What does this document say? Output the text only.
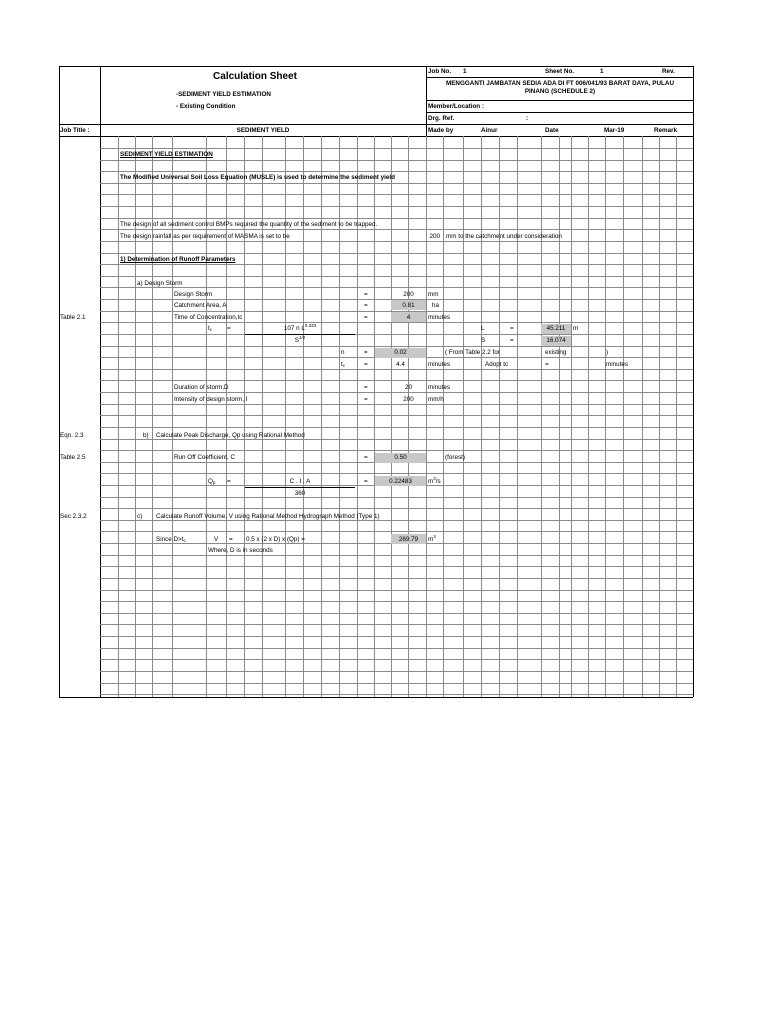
Calculation Sheet
-SEDIMENT YIELD ESTIMATION
- Existing Condition
Job No. 1	Sheet No.	1	Rev.
MENGGANTI JAMBATAN SEDIA ADA DI FT 006/041/93 BARAT DAYA, PULAU
PINANG (SCHEDULE 2)
Member/Location :
Drg. Ref.	:
Job Title :	SEDIMENT YIELD	Made by	Ainur	Date	Mar-19	Remark
SEDIMENT YIELD ESTIMATION
The Modified Universal Soil Loss Equation (MUSLE) is used to determine the sediment yield
The design of all sediment control BMPs required the quantity of the sediment to be trapped.
The design rainfall as per requirement of MASMA is set to be	200 mm to the catchment under consideration
1) Determination of Runoff Parameters
a) Design Storm
Design Storm	=	200	mm
Catchment Area, A	=	0.81	ha
Table 2.1	Time of Concentration,tc	=	4	minutes
$t_c$ =	107 n $L^{0.333}$
$S^{1/2}$
L	=	45.211	m
S	=	16.074
n	=	0.02	( From Table 2.2 for	existing	)
$t_c$	=	4.4	minutes	Adopt tc	=	minutes
Duration of storm,D	=	20	minutes
Intensity of design storm, I	=	200	mm/h
Eqn. 2.3	b) Calculate Peak Discharge, Qp using Rational Method
Table 2.5	Run Off Coefficient, C	=	0.50	(forest)
$Q_p$ =	C . I . A
360
=	0.22483	$m^3/s$
Sec 2.3.2	c) Calculate Runoff Volume, V using Rational Method Hydrograph Method (Type 1)
Since $D>t_c$	V = 0.5 x (2 x D) x (Qp) =	269.79	$m^3$
Where, D is in seconds
